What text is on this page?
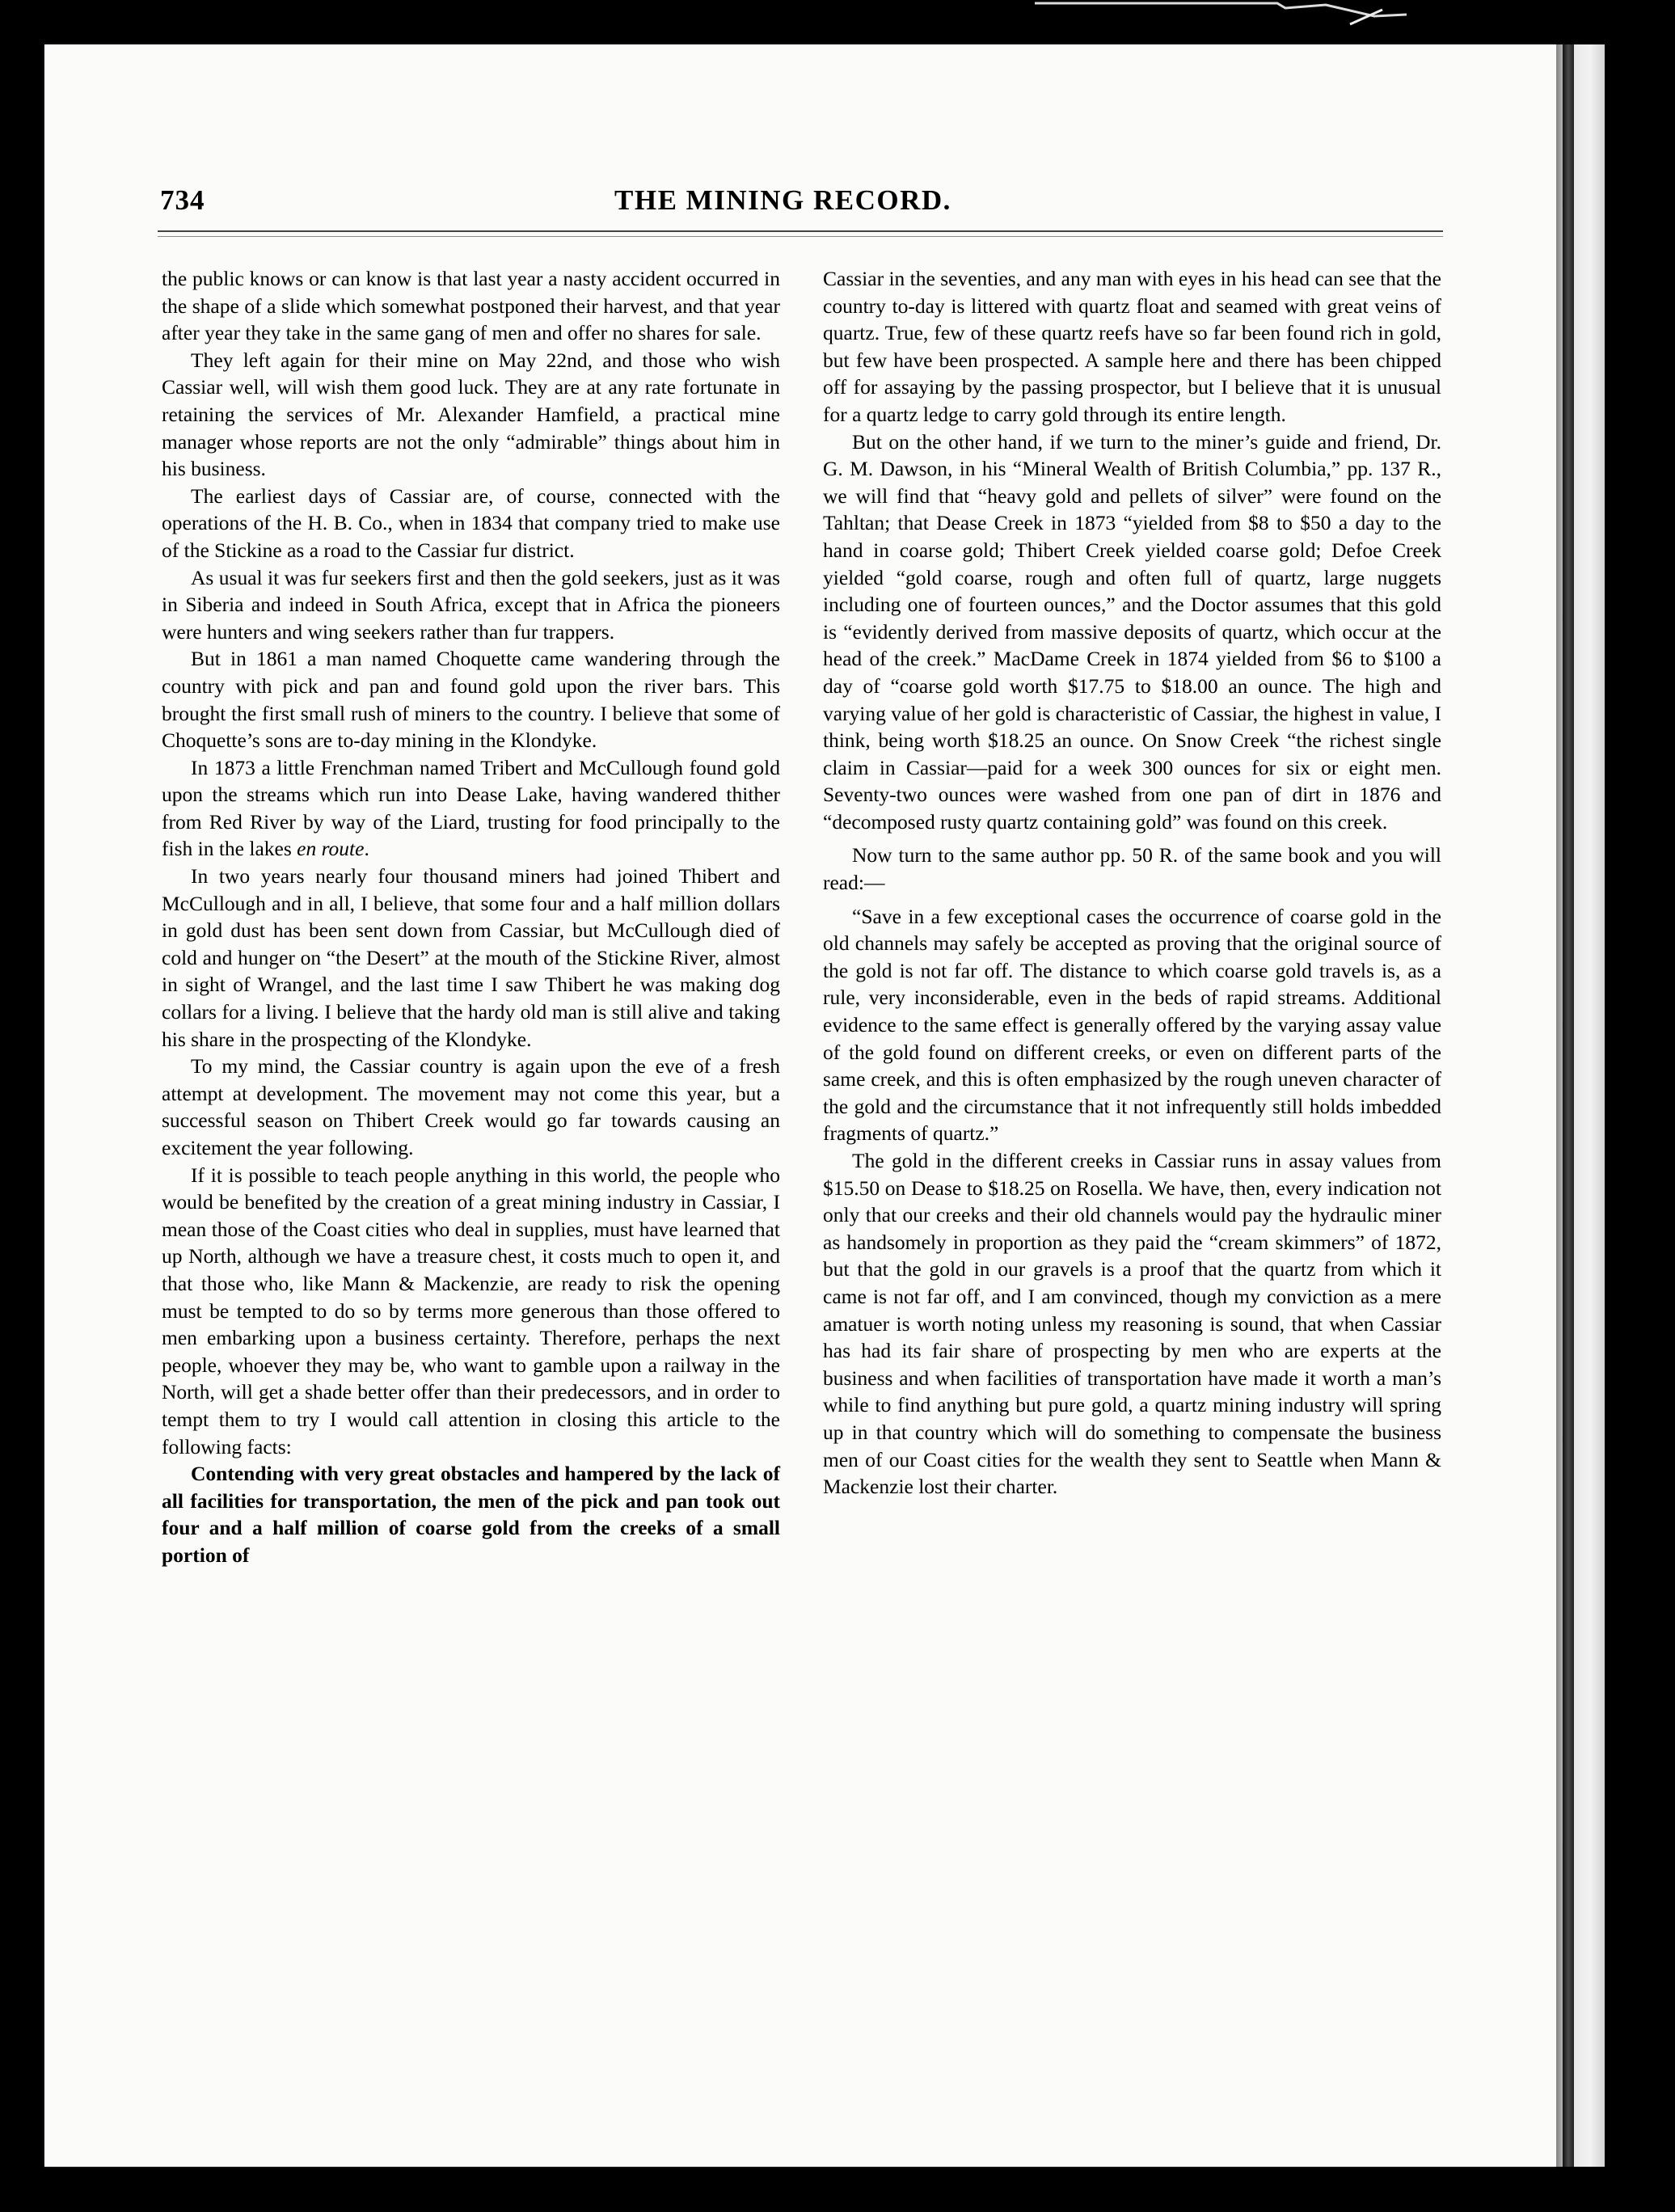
734	THE MINING RECORD.

the public knows or can know is that last year a nasty accident occurred in the shape of a slide which somewhat postponed their harvest, and that year after year they take in the same gang of men and offer no shares for sale.

They left again for their mine on May 22nd, and those who wish Cassiar well, will wish them good luck. They are at any rate fortunate in retaining the services of Mr. Alexander Hamfield, a practical mine manager whose reports are not the only “admirable” things about him in his business.

The earliest days of Cassiar are, of course, connected with the operations of the H. B. Co., when in 1834 that company tried to make use of the Stickine as a road to the Cassiar fur district.

As usual it was fur seekers first and then the gold seekers, just as it was in Siberia and indeed in South Africa, except that in Africa the pioneers were hunters and wing seekers rather than fur trappers.

But in 1861 a man named Choquette came wandering through the country with pick and pan and found gold upon the river bars. This brought the first small rush of miners to the country. I believe that some of Choquette’s sons are to-day mining in the Klondyke.

In 1873 a little Frenchman named Tribert and McCullough found gold upon the streams which run into Dease Lake, having wandered thither from Red River by way of the Liard, trusting for food principally to the fish in the lakes en route.

In two years nearly four thousand miners had joined Thibert and McCullough and in all, I believe, that some four and a half million dollars in gold dust has been sent down from Cassiar, but McCullough died of cold and hunger on “the Desert” at the mouth of the Stickine River, almost in sight of Wrangel, and the last time I saw Thibert he was making dog collars for a living. I believe that the hardy old man is still alive and taking his share in the prospecting of the Klondyke.

To my mind, the Cassiar country is again upon the eve of a fresh attempt at development. The movement may not come this year, but a successful season on Thibert Creek would go far towards causing an excitement the year following.

If it is possible to teach people anything in this world, the people who would be benefited by the creation of a great mining industry in Cassiar, I mean those of the Coast cities who deal in supplies, must have learned that up North, although we have a treasure chest, it costs much to open it, and that those who, like Mann & Mackenzie, are ready to risk the opening must be tempted to do so by terms more generous than those offered to men embarking upon a business certainty. Therefore, perhaps the next people, whoever they may be, who want to gamble upon a railway in the North, will get a shade better offer than their predecessors, and in order to tempt them to try I would call attention in closing this article to the following facts:

Contending with very great obstacles and hampered by the lack of all facilities for transportation, the men of the pick and pan took out four and a half million of coarse gold from the creeks of a small portion of

Cassiar in the seventies, and any man with eyes in his head can see that the country to-day is littered with quartz float and seamed with great veins of quartz. True, few of these quartz reefs have so far been found rich in gold, but few have been prospected. A sample here and there has been chipped off for assaying by the passing prospector, but I believe that it is unusual for a quartz ledge to carry gold through its entire length.

But on the other hand, if we turn to the miner’s guide and friend, Dr. G. M. Dawson, in his “Mineral Wealth of British Columbia,” pp. 137 R., we will find that “heavy gold and pellets of silver” were found on the Tahltan; that Dease Creek in 1873 “yielded from $8 to $50 a day to the hand in coarse gold; Thibert Creek yielded coarse gold; Defoe Creek yielded “gold coarse, rough and often full of quartz, large nuggets including one of fourteen ounces,” and the Doctor assumes that this gold is “evidently derived from massive deposits of quartz, which occur at the head of the creek.” MacDame Creek in 1874 yielded from $6 to $100 a day of “coarse gold worth $17.75 to $18.00 an ounce. The high and varying value of her gold is characteristic of Cassiar, the highest in value, I think, being worth $18.25 an ounce. On Snow Creek “the richest single claim in Cassiar—paid for a week 300 ounces for six or eight men. Seventy-two ounces were washed from one pan of dirt in 1876 and “decomposed rusty quartz containing gold” was found on this creek.

Now turn to the same author pp. 50 R. of the same book and you will read:—

“Save in a few exceptional cases the occurrence of coarse gold in the old channels may safely be accepted as proving that the original source of the gold is not far off. The distance to which coarse gold travels is, as a rule, very inconsiderable, even in the beds of rapid streams. Additional evidence to the same effect is generally offered by the varying assay value of the gold found on different creeks, or even on different parts of the same creek, and this is often emphasized by the rough uneven character of the gold and the circumstance that it not infrequently still holds imbedded fragments of quartz.”

The gold in the different creeks in Cassiar runs in assay values from $15.50 on Dease to $18.25 on Rosella. We have, then, every indication not only that our creeks and their old channels would pay the hydraulic miner as handsomely in proportion as they paid the “cream skimmers” of 1872, but that the gold in our gravels is a proof that the quartz from which it came is not far off, and I am convinced, though my conviction as a mere amatuer is worth noting unless my reasoning is sound, that when Cassiar has had its fair share of prospecting by men who are experts at the business and when facilities of transportation have made it worth a man’s while to find anything but pure gold, a quartz mining industry will spring up in that country which will do something to compensate the business men of our Coast cities for the wealth they sent to Seattle when Mann & Mackenzie lost their charter.
